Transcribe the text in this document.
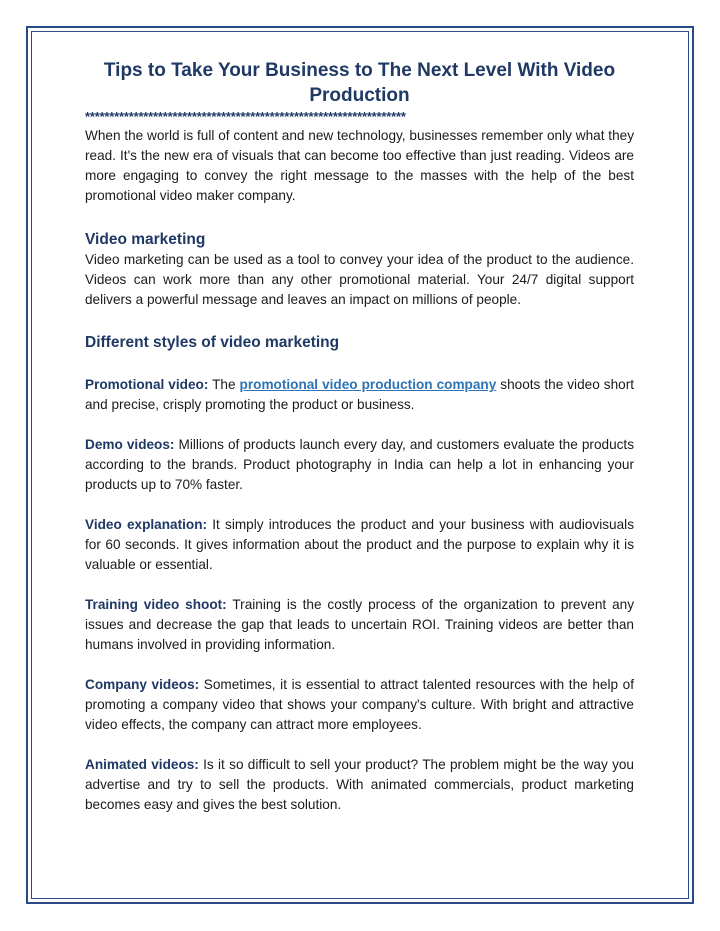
Tips to Take Your Business to The Next Level With Video Production
******************************************************************

When the world is full of content and new technology, businesses remember only what they read. It's the new era of visuals that can become too effective than just reading. Videos are more engaging to convey the right message to the masses with the help of the best promotional video maker company.

Video marketing

Video marketing can be used as a tool to convey your idea of the product to the audience. Videos can work more than any other promotional material. Your 24/7 digital support delivers a powerful message and leaves an impact on millions of people.

Different styles of video marketing

Promotional video: The promotional video production company shoots the video short and precise, crisply promoting the product or business.

Demo videos: Millions of products launch every day, and customers evaluate the products according to the brands. Product photography in India can help a lot in enhancing your products up to 70% faster.

Video explanation: It simply introduces the product and your business with audiovisuals for 60 seconds. It gives information about the product and the purpose to explain why it is valuable or essential.

Training video shoot: Training is the costly process of the organization to prevent any issues and decrease the gap that leads to uncertain ROI. Training videos are better than humans involved in providing information.

Company videos: Sometimes, it is essential to attract talented resources with the help of promoting a company video that shows your company's culture. With bright and attractive video effects, the company can attract more employees.

Animated videos: Is it so difficult to sell your product? The problem might be the way you advertise and try to sell the products. With animated commercials, product marketing becomes easy and gives the best solution.
